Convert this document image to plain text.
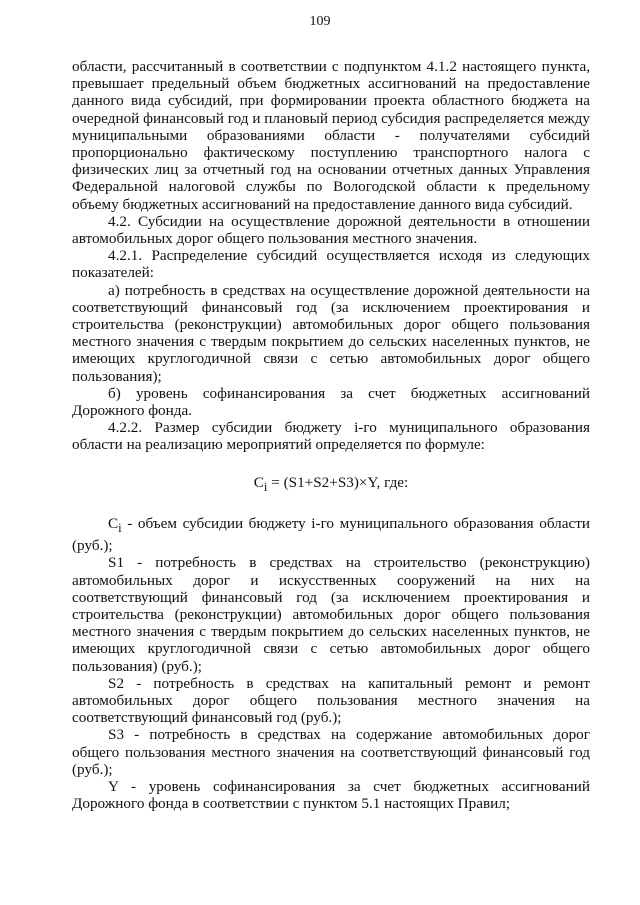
109

области, рассчитанный в соответствии с подпунктом 4.1.2 настоящего пункта, превышает предельный объем бюджетных ассигнований на предоставление данного вида субсидий, при формировании проекта областного бюджета на очередной финансовый год и плановый период субсидия распределяется между муниципальными образованиями области - получателями субсидий пропорционально фактическому поступлению транспортного налога с физических лиц за отчетный год на основании отчетных данных Управления Федеральной налоговой службы по Вологодской области к предельному объему бюджетных ассигнований на предоставление данного вида субсидий.

4.2. Субсидии на осуществление дорожной деятельности в отношении автомобильных дорог общего пользования местного значения.

4.2.1. Распределение субсидий осуществляется исходя из следующих показателей:

а) потребность в средствах на осуществление дорожной деятельности на соответствующий финансовый год (за исключением проектирования и строительства (реконструкции) автомобильных дорог общего пользования местного значения с твердым покрытием до сельских населенных пунктов, не имеющих круглогодичной связи с сетью автомобильных дорог общего пользования);

б) уровень софинансирования за счет бюджетных ассигнований Дорожного фонда.

4.2.2. Размер субсидии бюджету i-го муниципального образования области на реализацию мероприятий определяется по формуле:

$C_i = (S1+S2+S3)\times Y$, где:

$C_i$ - объем субсидии бюджету i-го муниципального образования области (руб.);

S1 - потребность в средствах на строительство (реконструкцию) автомобильных дорог и искусственных сооружений на них на соответствующий финансовый год (за исключением проектирования и строительства (реконструкции) автомобильных дорог общего пользования местного значения с твердым покрытием до сельских населенных пунктов, не имеющих круглогодичной связи с сетью автомобильных дорог общего пользования) (руб.);

S2 - потребность в средствах на капитальный ремонт и ремонт автомобильных дорог общего пользования местного значения на соответствующий финансовый год (руб.);

S3 - потребность в средствах на содержание автомобильных дорог общего пользования местного значения на соответствующий финансовый год (руб.);

Y - уровень софинансирования за счет бюджетных ассигнований Дорожного фонда в соответствии с пунктом 5.1 настоящих Правил;
